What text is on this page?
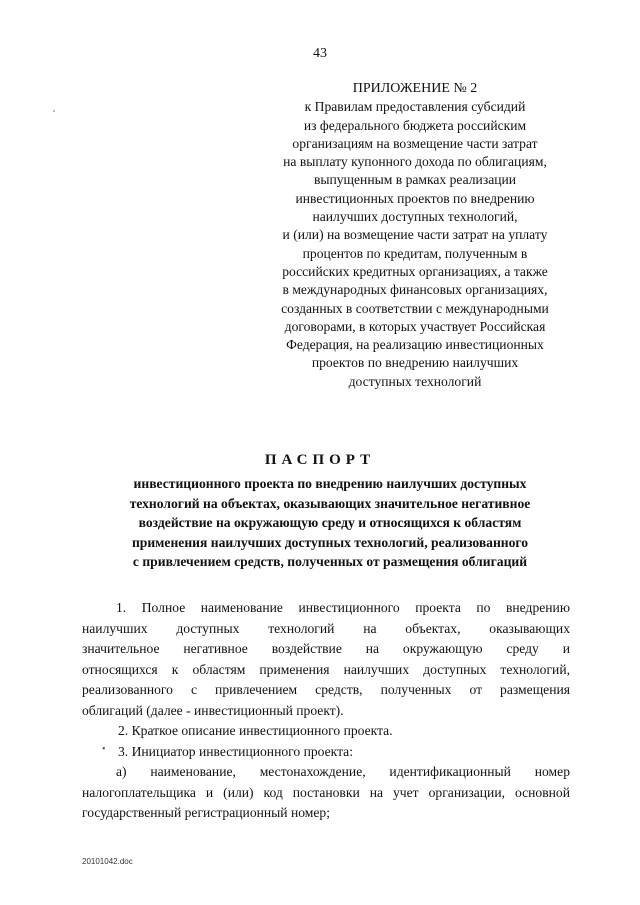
43
ПРИЛОЖЕНИЕ № 2
к Правилам предоставления субсидий
из федерального бюджета российским
организациям на возмещение части затрат
на выплату купонного дохода по облигациям,
выпущенным в рамках реализации
инвестиционных проектов по внедрению
наилучших доступных технологий,
и (или) на возмещение части затрат на уплату
процентов по кредитам, полученным в
российских кредитных организациях, а также
в международных финансовых организациях,
созданных в соответствии с международными
договорами, в которых участвует Российская
Федерация, на реализацию инвестиционных
проектов по внедрению наилучших
доступных технологий
ПАСПОРТ
инвестиционного проекта по внедрению наилучших доступных
технологий на объектах, оказывающих значительное негативное
воздействие на окружающую среду и относящихся к областям
применения наилучших доступных технологий, реализованного
с привлечением средств, полученных от размещения облигаций

1. Полное наименование инвестиционного проекта по внедрению

наилучших доступных технологий на объектах, оказывающих

значительное негативное воздействие на окружающую среду и

относящихся к областям применения наилучших доступных технологий,

реализованного с привлечением средств, полученных от размещения

облигаций (далее - инвестиционный проект).

2. Краткое описание инвестиционного проекта.

3. Инициатор инвестиционного проекта:

а) наименование, местонахождение, идентификационный номер

налогоплательщика и (или) код постановки на учет организации, основной

государственный регистрационный номер;

•
20101042.doc
